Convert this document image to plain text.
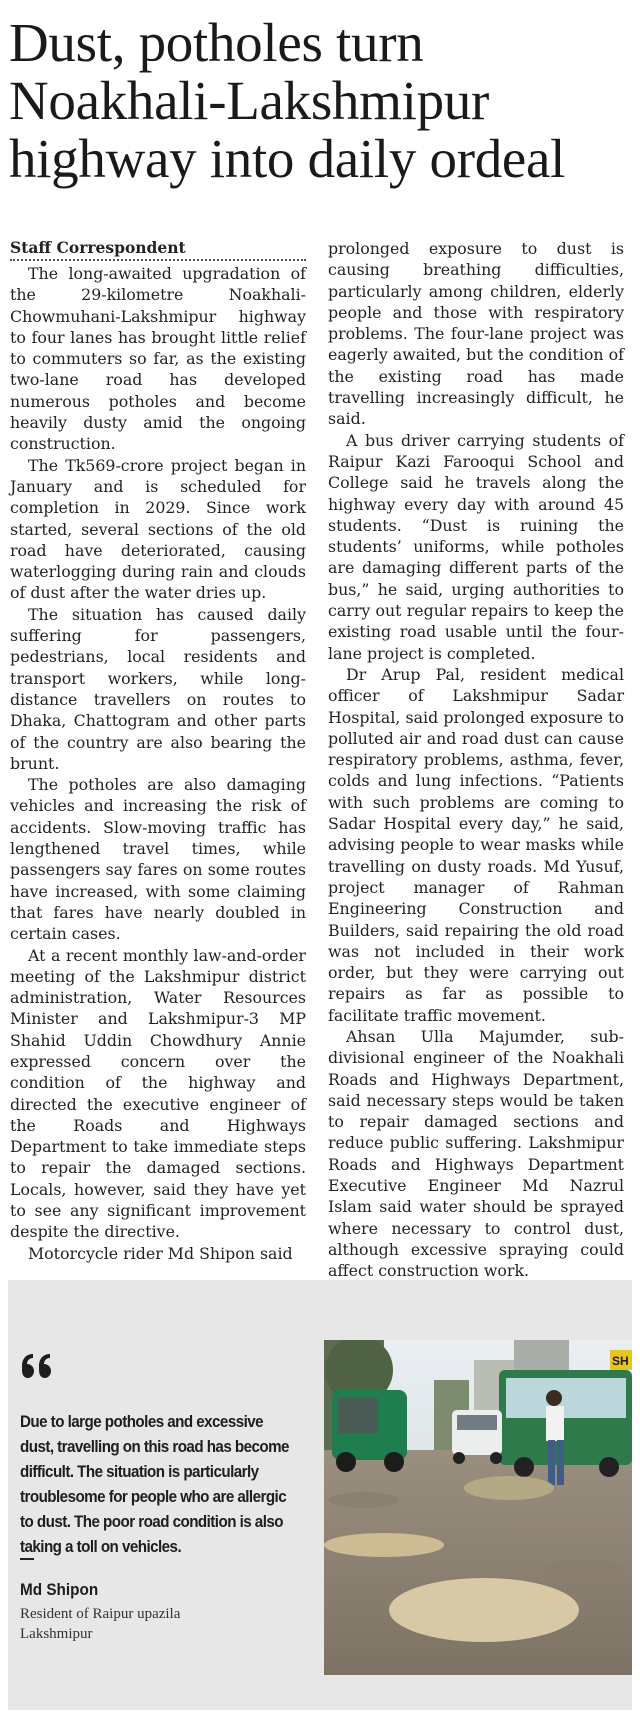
Dust, potholes turn
Noakhali-Lakshmipur
highway into daily ordeal
Staff Correspondent

The long-awaited upgradation of the 29-kilometre Noakhali-Chowmuhani-Lakshmipur highway to four lanes has brought little relief to commuters so far, as the existing two-lane road has developed numerous potholes and become heavily dusty amid the ongoing construction.

The Tk569-crore project began in January and is scheduled for completion in 2029. Since work started, several sections of the old road have deteriorated, causing waterlogging during rain and clouds of dust after the water dries up.

The situation has caused daily suffering for passengers, pedestrians, local residents and transport workers, while long-distance travellers on routes to Dhaka, Chattogram and other parts of the country are also bearing the brunt.

The potholes are also damaging vehicles and increasing the risk of accidents. Slow-moving traffic has lengthened travel times, while passengers say fares on some routes have increased, with some claiming that fares have nearly doubled in certain cases.

At a recent monthly law-and-order meeting of the Lakshmipur district administration, Water Resources Minister and Lakshmipur-3 MP Shahid Uddin Chowdhury Annie expressed concern over the condition of the highway and directed the executive engineer of the Roads and Highways Department to take immediate steps to repair the damaged sections. Locals, however, said they have yet to see any significant improvement despite the directive.

Motorcycle rider Md Shipon said

prolonged exposure to dust is causing breathing difficulties, particularly among children, elderly people and those with respiratory problems. The four-lane project was eagerly awaited, but the condition of the existing road has made travelling increasingly difficult, he said.

A bus driver carrying students of Raipur Kazi Farooqui School and College said he travels along the highway every day with around 45 students. “Dust is ruining the students’ uniforms, while potholes are damaging different parts of the bus,” he said, urging authorities to carry out regular repairs to keep the existing road usable until the four-lane project is completed.

Dr Arup Pal, resident medical officer of Lakshmipur Sadar Hospital, said prolonged exposure to polluted air and road dust can cause respiratory problems, asthma, fever, colds and lung infections. “Patients with such problems are coming to Sadar Hospital every day,” he said, advising people to wear masks while travelling on dusty roads. Md Yusuf, project manager of Rahman Engineering Construction and Builders, said repairing the old road was not included in their work order, but they were carrying out repairs as far as possible to facilitate traffic movement.

Ahsan Ulla Majumder, sub-divisional engineer of the Noakhali Roads and Highways Department, said necessary steps would be taken to repair damaged sections and reduce public suffering. Lakshmipur Roads and Highways Department Executive Engineer Md Nazrul Islam said water should be sprayed where necessary to control dust, although excessive spraying could affect construction work.

Due to large potholes and excessive dust, travelling on this road has become difficult. The situation is particularly troublesome for people who are allergic to dust. The poor road condition is also taking a toll on vehicles.
Md Shipon
Resident of Raipur upazila
Lakshmipur
SH
